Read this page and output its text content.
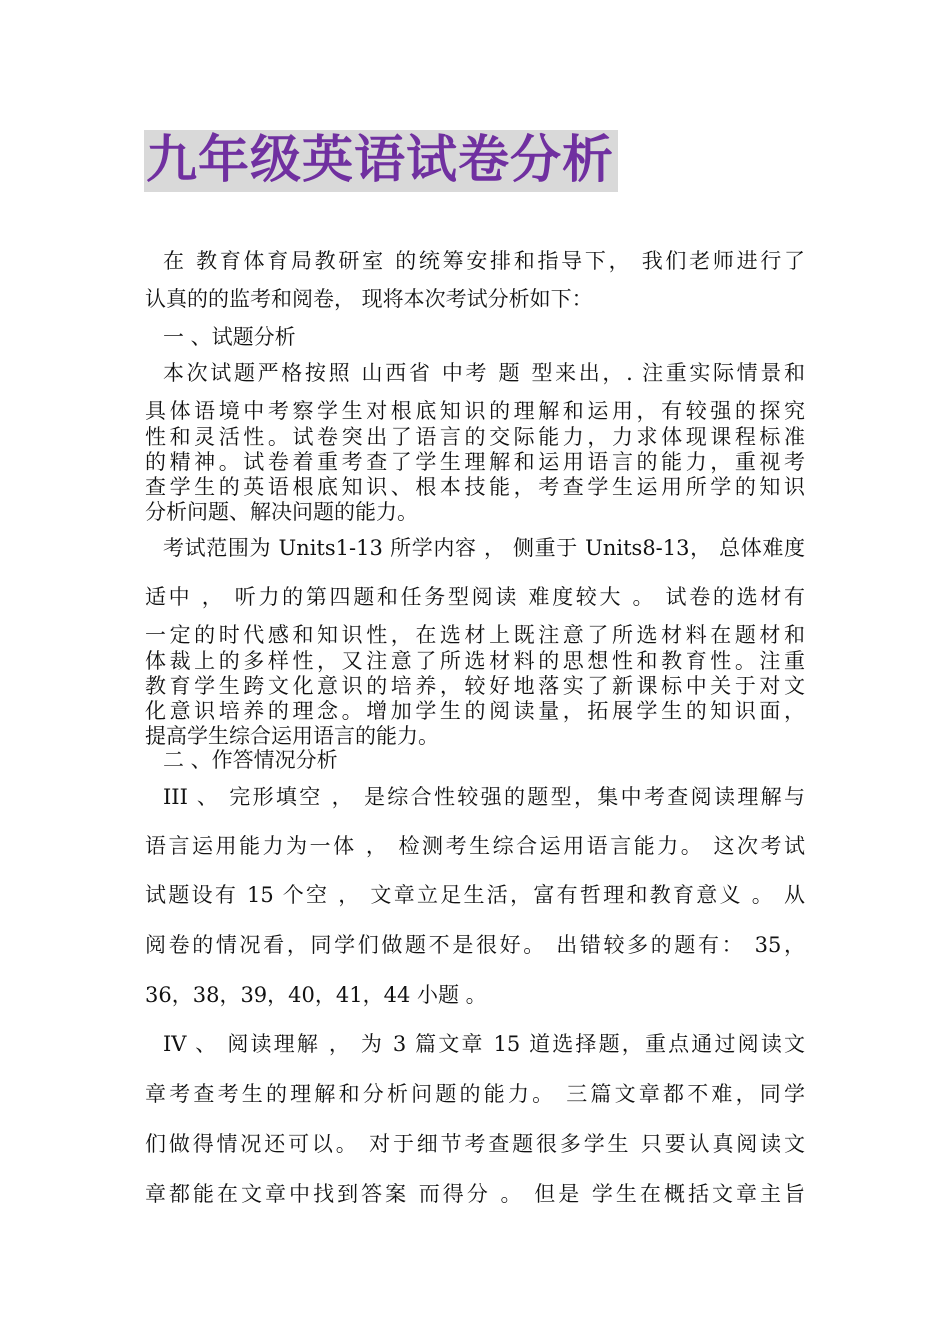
九年级英语试卷分析
在 教育体育局教研室 的统筹安排和指导下， 我们老师进行了
认真的的监考和阅卷， 现将本次考试分析如下：
一 、试题分析
本次试题严格按照 山西省 中考 题 型来出，. 注重实际情景和
具体语境中考察学生对根底知识的理解和运用，有较强的探究
性和灵活性。试卷突出了语言的交际能力，力求体现课程标准
的精神。试卷着重考查了学生理解和运用语言的能力，重视考
查学生的英语根底知识、根本技能，考查学生运用所学的知识
分析问题、解决问题的能力。
考试范围为 Units1-13 所学内容 ， 侧重于 Units8-13， 总体难度
适中 ， 听力的第四题和任务型阅读 难度较大 。 试卷的选材有
一定的时代感和知识性，在选材上既注意了所选材料在题材和
体裁上的多样性，又注意了所选材料的思想性和教育性。注重
教育学生跨文化意识的培养，较好地落实了新课标中关于对文
化意识培养的理念。增加学生的阅读量，拓展学生的知识面，
提高学生综合运用语言的能力。
二 、作答情况分析
III 、 完形填空 ， 是综合性较强的题型，集中考查阅读理解与
语言运用能力为一体 ， 检测考生综合运用语言能力。 这次考试
试题设有 15 个空 ， 文章立足生活，富有哲理和教育意义 。 从
阅卷的情况看，同学们做题不是很好。 出错较多的题有： 35，
36，38，39，40，41，44 小题 。
IV 、 阅读理解 ， 为 3 篇文章 15 道选择题，重点通过阅读文
章考查考生的理解和分析问题的能力。 三篇文章都不难，同学
们做得情况还可以。 对于细节考查题很多学生 只要认真阅读文
章都能在文章中找到答案 而得分 。 但是 学生在概括文章主旨
